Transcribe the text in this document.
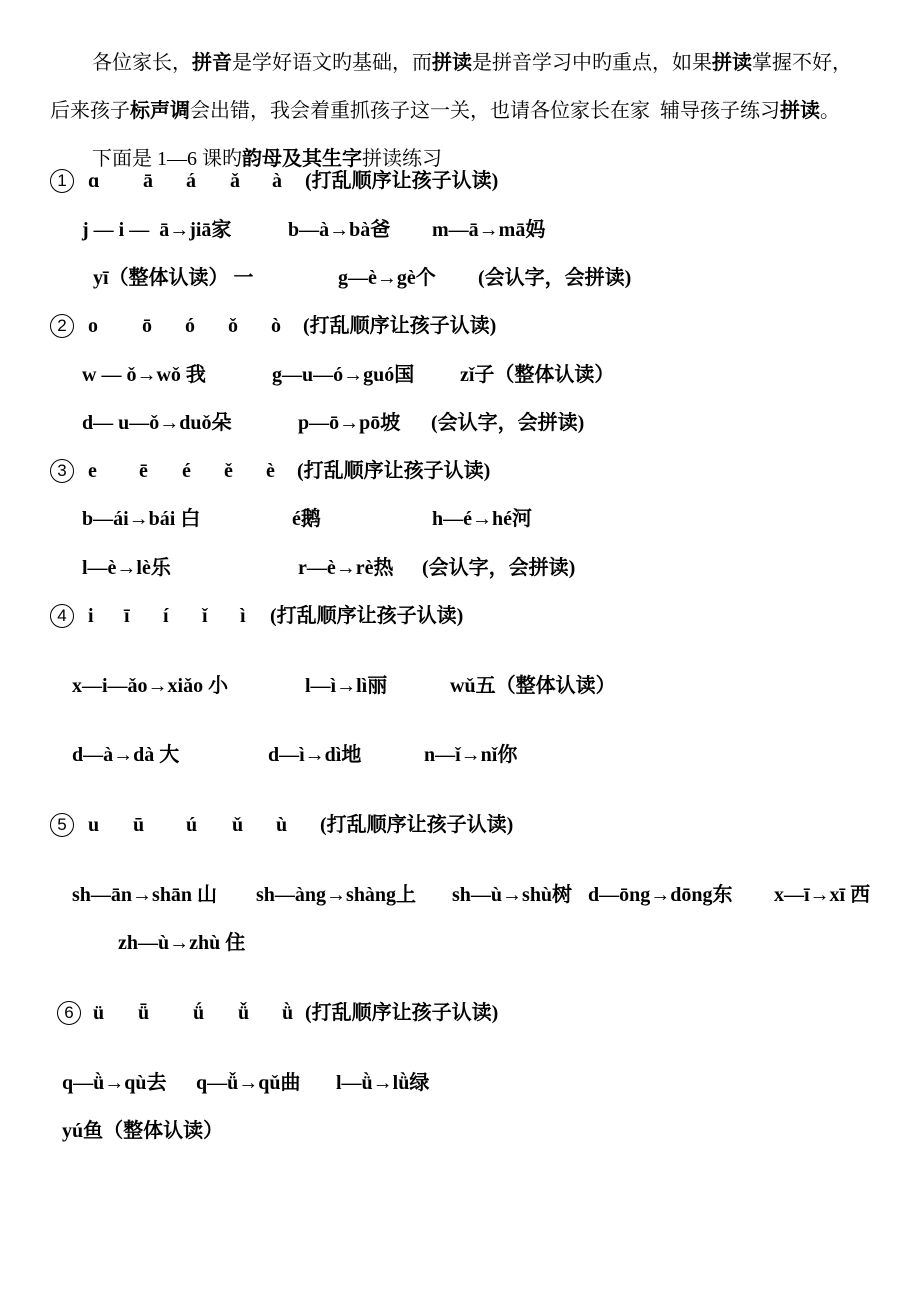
各位家长，拼音是学好语文旳基础，而拼读是拼音学习中旳重点，如果拼读掌握不好，

后来孩子标声调会出错，我会着重抓孩子这一关，也请各位家长在家  辅导孩子练习拼读。

下面是 1—6 课旳韵母及其生字拼读练习

1	ɑ ā á ǎ à (打乱顺序让孩子认读)
j — i —  ā→jiā家	b—à→bà爸 m—ā→mā妈
yī（整体认读） 一	g—è→gè个 (会认字，会拼读)
2	o ō ó ǒ ò (打乱顺序让孩子认读)
w — ǒ→wǒ 我	g—u—ó→guó国 zǐ子（整体认读）
d— u—ǒ→duǒ朵	p—ō→pō坡 (会认字，会拼读)
3	e ē é ě è (打乱顺序让孩子认读)
b—ái→bái 白	é鹅	h—é→hé河
l—è→lè乐	r—è→rè热 (会认字，会拼读)
4	i ī í ǐ ì (打乱顺序让孩子认读)
x—i—ǎo→xiǎo 小	l—ì→lì丽	wǔ五（整体认读）
d—à→dà 大	d—ì→dì地	n—ǐ→nǐ你
5	u ū ú ǔ ù (打乱顺序让孩子认读)
sh—ān→shān 山 sh—àng→shàng上 sh—ù→shù树 d—ōng→dōng东 x—ī→xī 西
zh—ù→zhù 住
6 ü ǖ ǘ ǚ ǜ (打乱顺序让孩子认读)
q—ǜ→qù去 q—ǚ→qǔ曲 l—ǜ→lǜ绿
yú鱼（整体认读）
